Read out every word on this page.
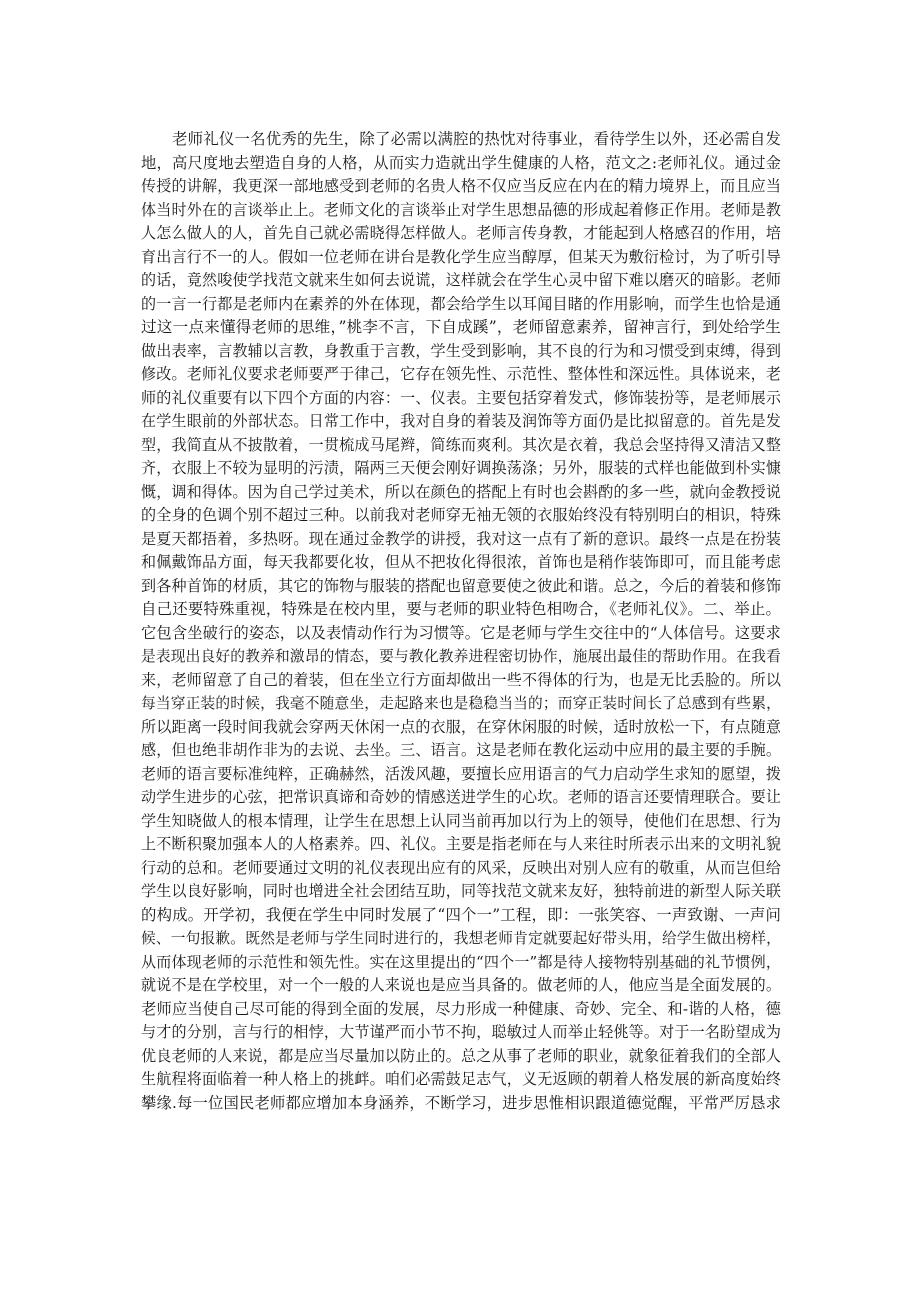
老师礼仪一名优秀的先生，除了必需以满腔的热忱对待事业，看待学生以外，还必需自发
地，高尺度地去塑造自身的人格，从而实力造就出学生健康的人格，范文之:老师礼仪。通过金
传授的讲解，我更深一部地感受到老师的名贵人格不仅应当反应在内在的精力境界上，而且应当
体当时外在的言谈举止上。老师文化的言谈举止对学生思想品德的形成起着修正作用。老师是教
人怎么做人的人，首先自己就必需晓得怎样做人。老师言传身教，才能起到人格感召的作用，培
育出言行不一的人。假如一位老师在讲台是教化学生应当醇厚，但某天为敷衍检讨，为了听引导
的话，竟然唆使学找范文就来生如何去说谎，这样就会在学生心灵中留下难以磨灭的暗影。老师
的一言一行都是老师内在素养的外在体现，都会给学生以耳闻目睹的作用影响，而学生也恰是通
过这一点来懂得老师的思维，”桃李不言，下自成蹊”，老师留意素养，留神言行，到处给学生
做出表率，言教辅以言教，身教重于言教，学生受到影响，其不良的行为和习惯受到束缚，得到
修改。老师礼仪要求老师要严于律己，它存在领先性、示范性、整体性和深远性。具体说来，老
师的礼仪重要有以下四个方面的内容：一、仪表。主要包括穿着发式，修饰装扮等，是老师展示
在学生眼前的外部状态。日常工作中，我对自身的着装及润饰等方面仍是比拟留意的。首先是发
型，我简直从不披散着，一贯梳成马尾辫，简练而爽利。其次是衣着，我总会坚持得又清洁又整
齐，衣服上不较为显明的污渍，隔两三天便会刚好调换荡涤；另外，服装的式样也能做到朴实慷
慨，调和得体。因为自己学过美术，所以在颜色的搭配上有时也会斟酌的多一些，就向金教授说
的全身的色调个别不超过三种。以前我对老师穿无袖无领的衣服始终没有特别明白的相识，特殊
是夏天都捂着，多热呀。现在通过金教学的讲授，我对这一点有了新的意识。最终一点是在扮装
和佩戴饰品方面，每天我都要化妆，但从不把妆化得很浓，首饰也是稍作装饰即可，而且能考虑
到各种首饰的材质，其它的饰物与服装的搭配也留意要使之彼此和谐。总之，今后的着装和修饰
自己还要特殊重视，特殊是在校内里，要与老师的职业特色相吻合，《老师礼仪》。二、举止。
它包含坐破行的姿态，以及表情动作行为习惯等。它是老师与学生交往中的“人体信号。这要求
是表现出良好的教养和激昂的情态，要与教化教养进程密切协作，施展出最佳的帮助作用。在我看
来，老师留意了自己的着装，但在坐立行方面却做出一些不得体的行为，也是无比丢脸的。所以
每当穿正装的时候，我毫不随意坐，走起路来也是稳稳当当的；而穿正装时间长了总感到有些累，
所以距离一段时间我就会穿两天休闲一点的衣服，在穿休闲服的时候，适时放松一下，有点随意
感，但也绝非胡作非为的去说、去坐。三、语言。这是老师在教化运动中应用的最主要的手腕。
老师的语言要标准纯粹，正确赫然，活泼风趣，要擅长应用语言的气力启动学生求知的愿望，拨
动学生进步的心弦，把常识真谛和奇妙的情感送进学生的心坎。老师的语言还要情理联合。要让
学生知晓做人的根本情理，让学生在思想上认同当前再加以行为上的领导，使他们在思想、行为
上不断积聚加强本人的人格素养。四、礼仪。主要是指老师在与人来往时所表示出来的文明礼貌
行动的总和。老师要通过文明的礼仪表现出应有的风采，反映出对别人应有的敬重，从而岂但给
学生以良好影响，同时也增进全社会团结互助，同等找范文就来友好，独特前进的新型人际关联
的构成。开学初，我便在学生中同时发展了“四个一”工程，即：一张笑容、一声致谢、一声问
候、一句报歉。既然是老师与学生同时进行的，我想老师肯定就要起好带头用，给学生做出榜样，
从而体现老师的示范性和领先性。实在这里提出的“四个一”都是待人接物特别基础的礼节惯例，
就说不是在学校里，对一个一般的人来说也是应当具备的。做老师的人，他应当是全面发展的。
老师应当使自己尽可能的得到全面的发展，尽力形成一种健康、奇妙、完全、和-谐的人格，德
与才的分别，言与行的相悖，大节谨严而小节不拘，聪敏过人而举止轻佻等。对于一名盼望成为
优良老师的人来说，都是应当尽量加以防止的。总之从事了老师的职业，就象征着我们的全部人
生航程将面临着一种人格上的挑衅。咱们必需鼓足志气，义无返顾的朝着人格发展的新高度始终
攀缘.每一位国民老师都应增加本身涵养，不断学习，进步思惟相识跟道德觉醒，平常严厉恳求
